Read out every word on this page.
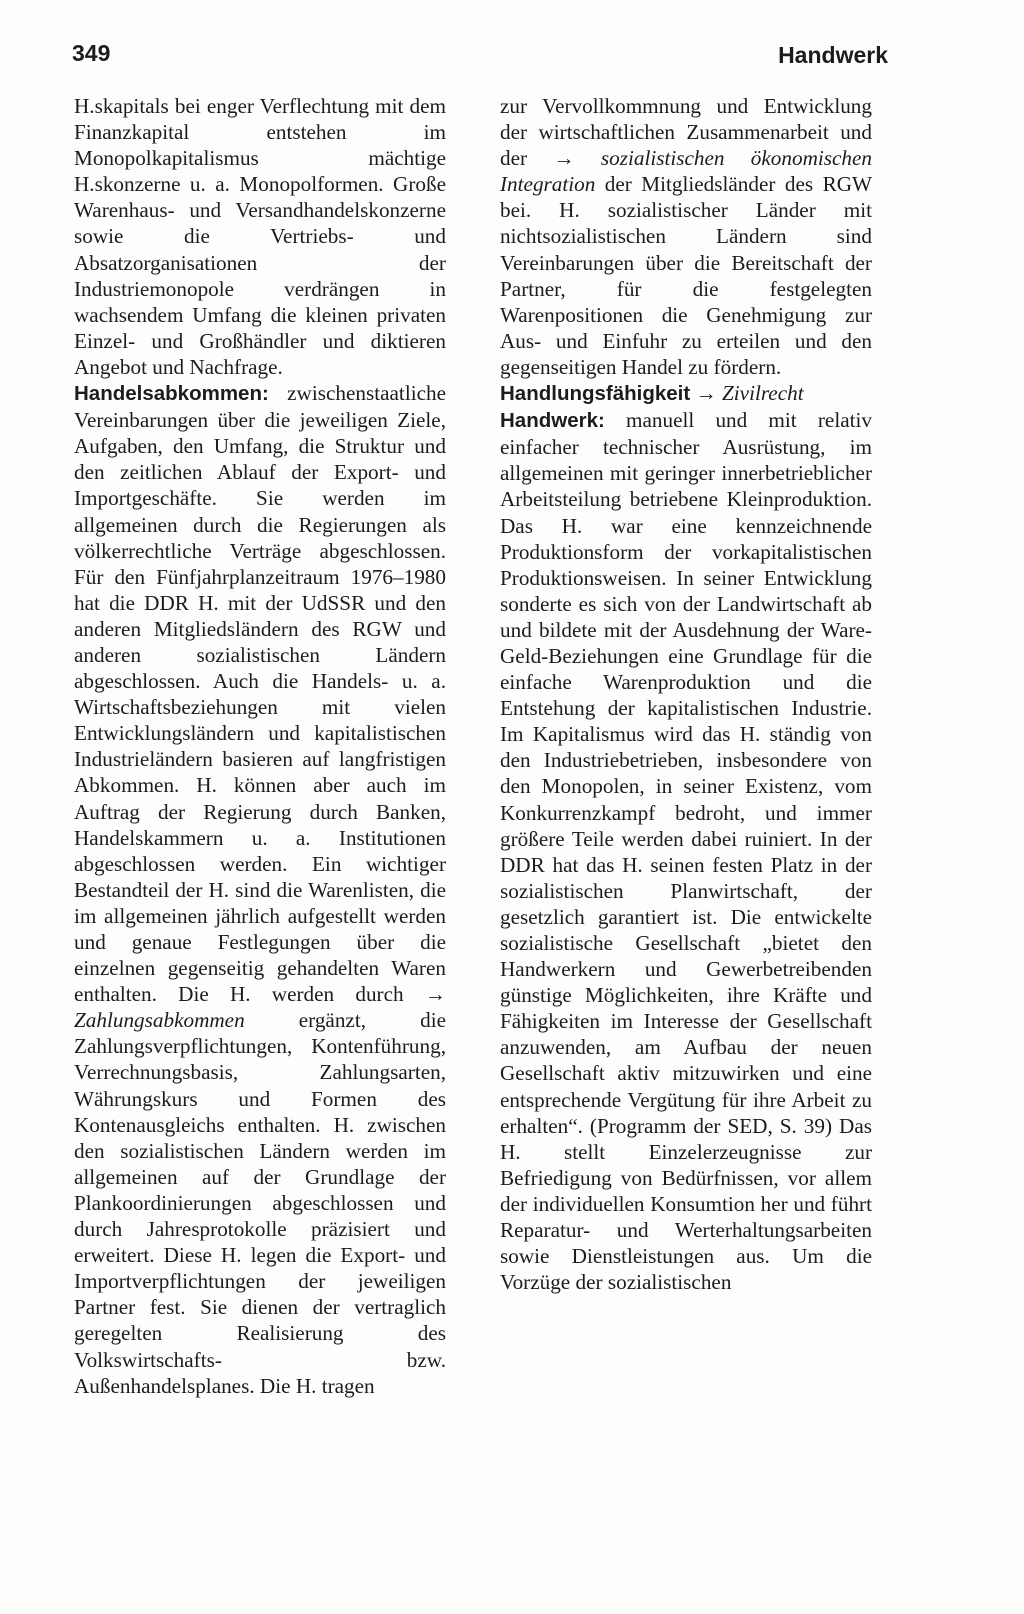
349	Handwerk

H.skapitals bei enger Verflechtung mit dem Finanzkapital entstehen im Monopolkapitalismus mächtige H.skonzerne u. a. Monopolformen. Große Warenhaus- und Versandhandelskonzerne sowie die Vertriebs- und Absatzorganisationen der Industriemonopole verdrängen in wachsendem Umfang die kleinen privaten Einzel- und Großhändler und diktieren Angebot und Nachfrage.

Handelsabkommen: zwischenstaatliche Vereinbarungen über die jeweiligen Ziele, Aufgaben, den Umfang, die Struktur und den zeitlichen Ablauf der Export- und Importgeschäfte. Sie werden im allgemeinen durch die Regierungen als völkerrechtliche Verträge abgeschlossen. Für den Fünfjahrplanzeitraum 1976–1980 hat die DDR H. mit der UdSSR und den anderen Mitgliedsländern des RGW und anderen sozialistischen Ländern abgeschlossen. Auch die Handels- u. a. Wirtschaftsbeziehungen mit vielen Entwicklungsländern und kapitalistischen Industrieländern basieren auf langfristigen Abkommen. H. können aber auch im Auftrag der Regierung durch Banken, Handelskammern u. a. Institutionen abgeschlossen werden. Ein wichtiger Bestandteil der H. sind die Warenlisten, die im allgemeinen jährlich aufgestellt werden und genaue Festlegungen über die einzelnen gegenseitig gehandelten Waren enthalten. Die H. werden durch → Zahlungsabkommen ergänzt, die Zahlungsverpflichtungen, Kontenführung, Verrechnungsbasis, Zahlungsarten, Währungskurs und Formen des Kontenausgleichs enthalten. H. zwischen den sozialistischen Ländern werden im allgemeinen auf der Grundlage der Plankoordinierungen abgeschlossen und durch Jahresprotokolle präzisiert und erweitert. Diese H. legen die Export- und Importverpflichtungen der jeweiligen Partner fest. Sie dienen der vertraglich geregelten Realisierung des Volkswirtschafts- bzw. Außenhandelsplanes. Die H. tragen

zur Vervollkommnung und Entwicklung der wirtschaftlichen Zusammenarbeit und der → sozialistischen ökonomischen Integration der Mitgliedsländer des RGW bei. H. sozialistischer Länder mit nichtsozialistischen Ländern sind Vereinbarungen über die Bereitschaft der Partner, für die festgelegten Warenpositionen die Genehmigung zur Aus- und Einfuhr zu erteilen und den gegenseitigen Handel zu fördern.

Handlungsfähigkeit → Zivilrecht

Handwerk: manuell und mit relativ einfacher technischer Ausrüstung, im allgemeinen mit geringer innerbetrieblicher Arbeitsteilung betriebene Kleinproduktion. Das H. war eine kennzeichnende Produktionsform der vorkapitalistischen Produktionsweisen. In seiner Entwicklung sonderte es sich von der Landwirtschaft ab und bildete mit der Ausdehnung der Ware-Geld-Beziehungen eine Grundlage für die einfache Warenproduktion und die Entstehung der kapitalistischen Industrie. Im Kapitalismus wird das H. ständig von den Industriebetrieben, insbesondere von den Monopolen, in seiner Existenz, vom Konkurrenzkampf bedroht, und immer größere Teile werden dabei ruiniert. In der DDR hat das H. seinen festen Platz in der sozialistischen Planwirtschaft, der gesetzlich garantiert ist. Die entwickelte sozialistische Gesellschaft „bietet den Handwerkern und Gewerbetreibenden günstige Möglichkeiten, ihre Kräfte und Fähigkeiten im Interesse der Gesellschaft anzuwenden, am Aufbau der neuen Gesellschaft aktiv mitzuwirken und eine entsprechende Vergütung für ihre Arbeit zu erhalten“. (Programm der SED, S. 39) Das H. stellt Einzelerzeugnisse zur Befriedigung von Bedürfnissen, vor allem der individuellen Konsumtion her und führt Reparatur- und Werterhaltungsarbeiten sowie Dienstleistungen aus. Um die Vorzüge der sozialistischen
